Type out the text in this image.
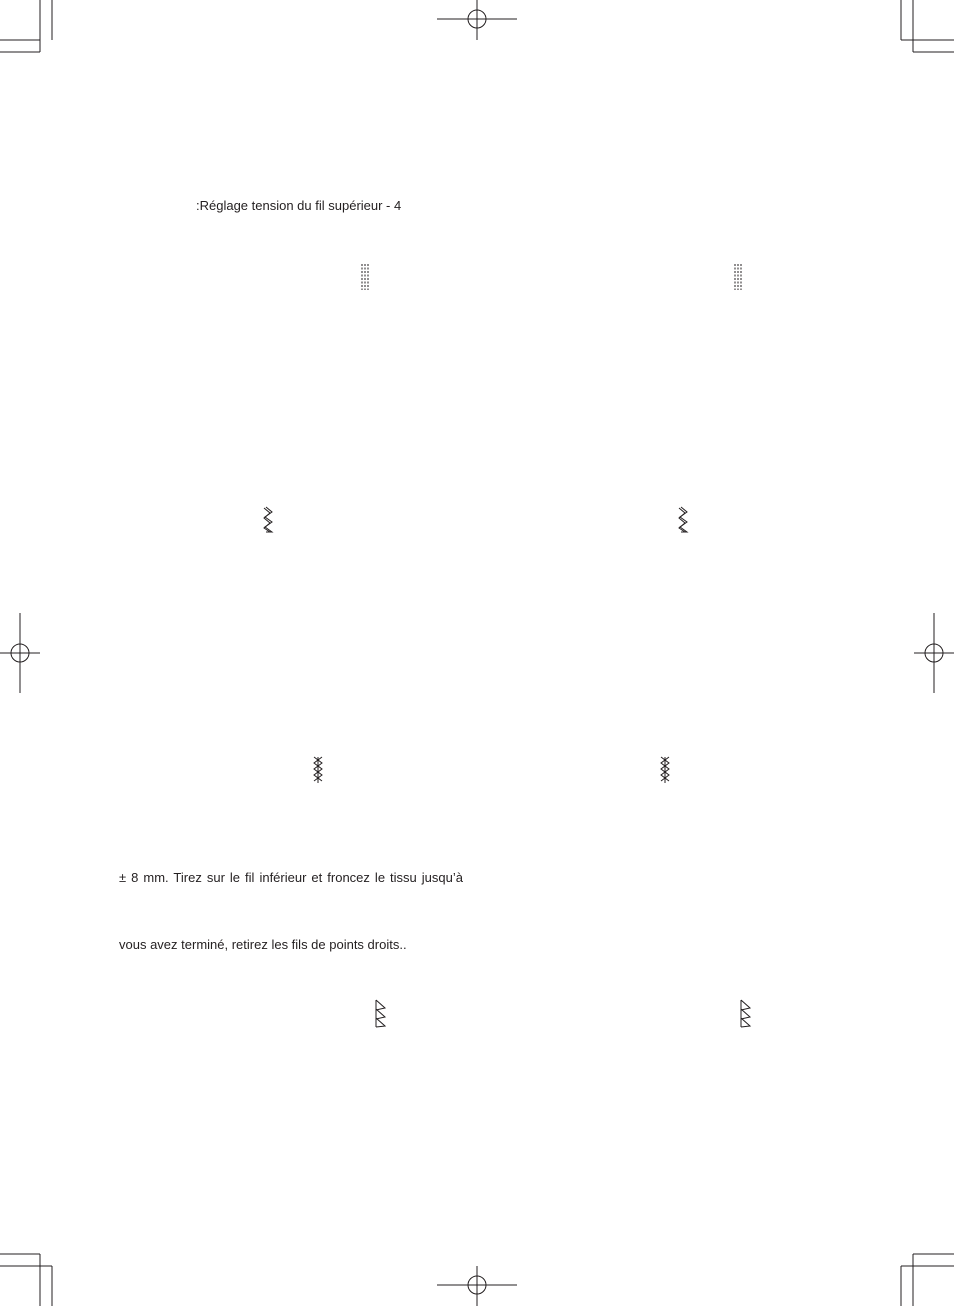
:Réglage tension du fil supérieur - 4
± 8 mm. Tirez sur le fil inférieur et froncez le tissu jusqu’à
vous avez terminé, retirez les fils de points droits..
